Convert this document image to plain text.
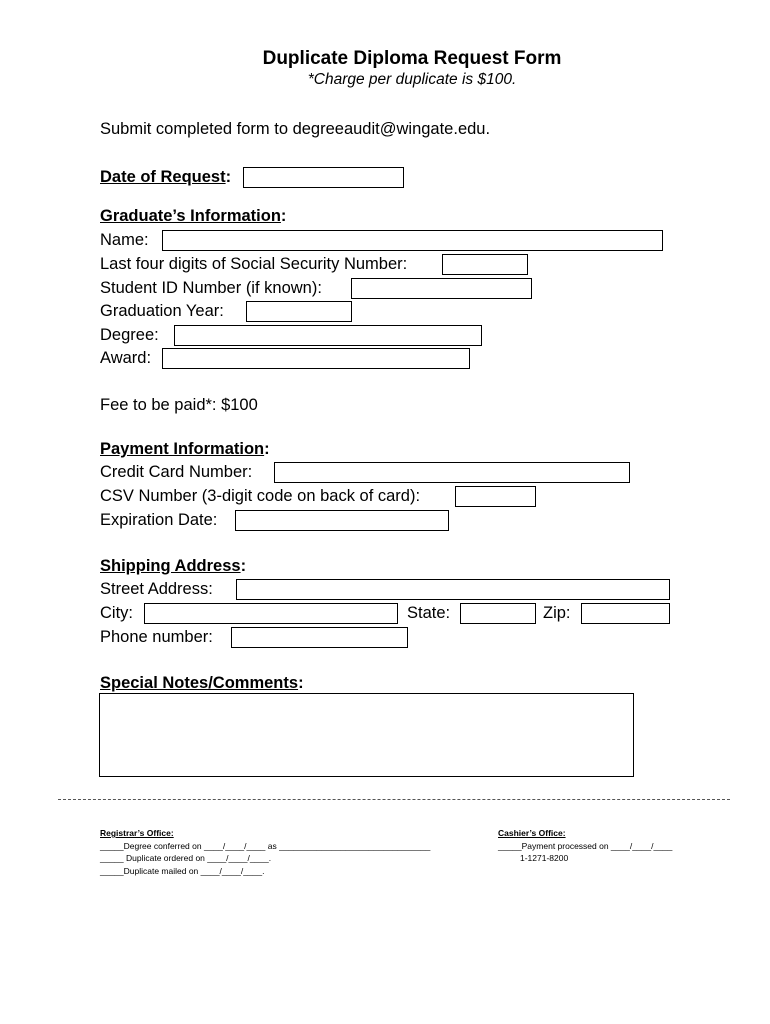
Duplicate Diploma Request Form
*Charge per duplicate is $100.
Submit completed form to degreeaudit@wingate.edu.
Date of Request:
Graduate’s Information:
Name:
Last four digits of Social Security Number:
Student ID Number (if known):
Graduation Year:
Degree:
Award:
Fee to be paid*: $100
Payment Information:
Credit Card Number:
CSV Number (3-digit code on back of card):
Expiration Date:
Shipping Address:
Street Address:
City:	State:	Zip:
Phone number:
Special Notes/Comments:
Registrar’s Office:
_____Degree conferred on ____/____/____ as ________________________________
_____ Duplicate ordered on ____/____/____.
_____Duplicate mailed on ____/____/____.
Cashier’s Office:
_____Payment processed on ____/____/____
1-1271-8200
